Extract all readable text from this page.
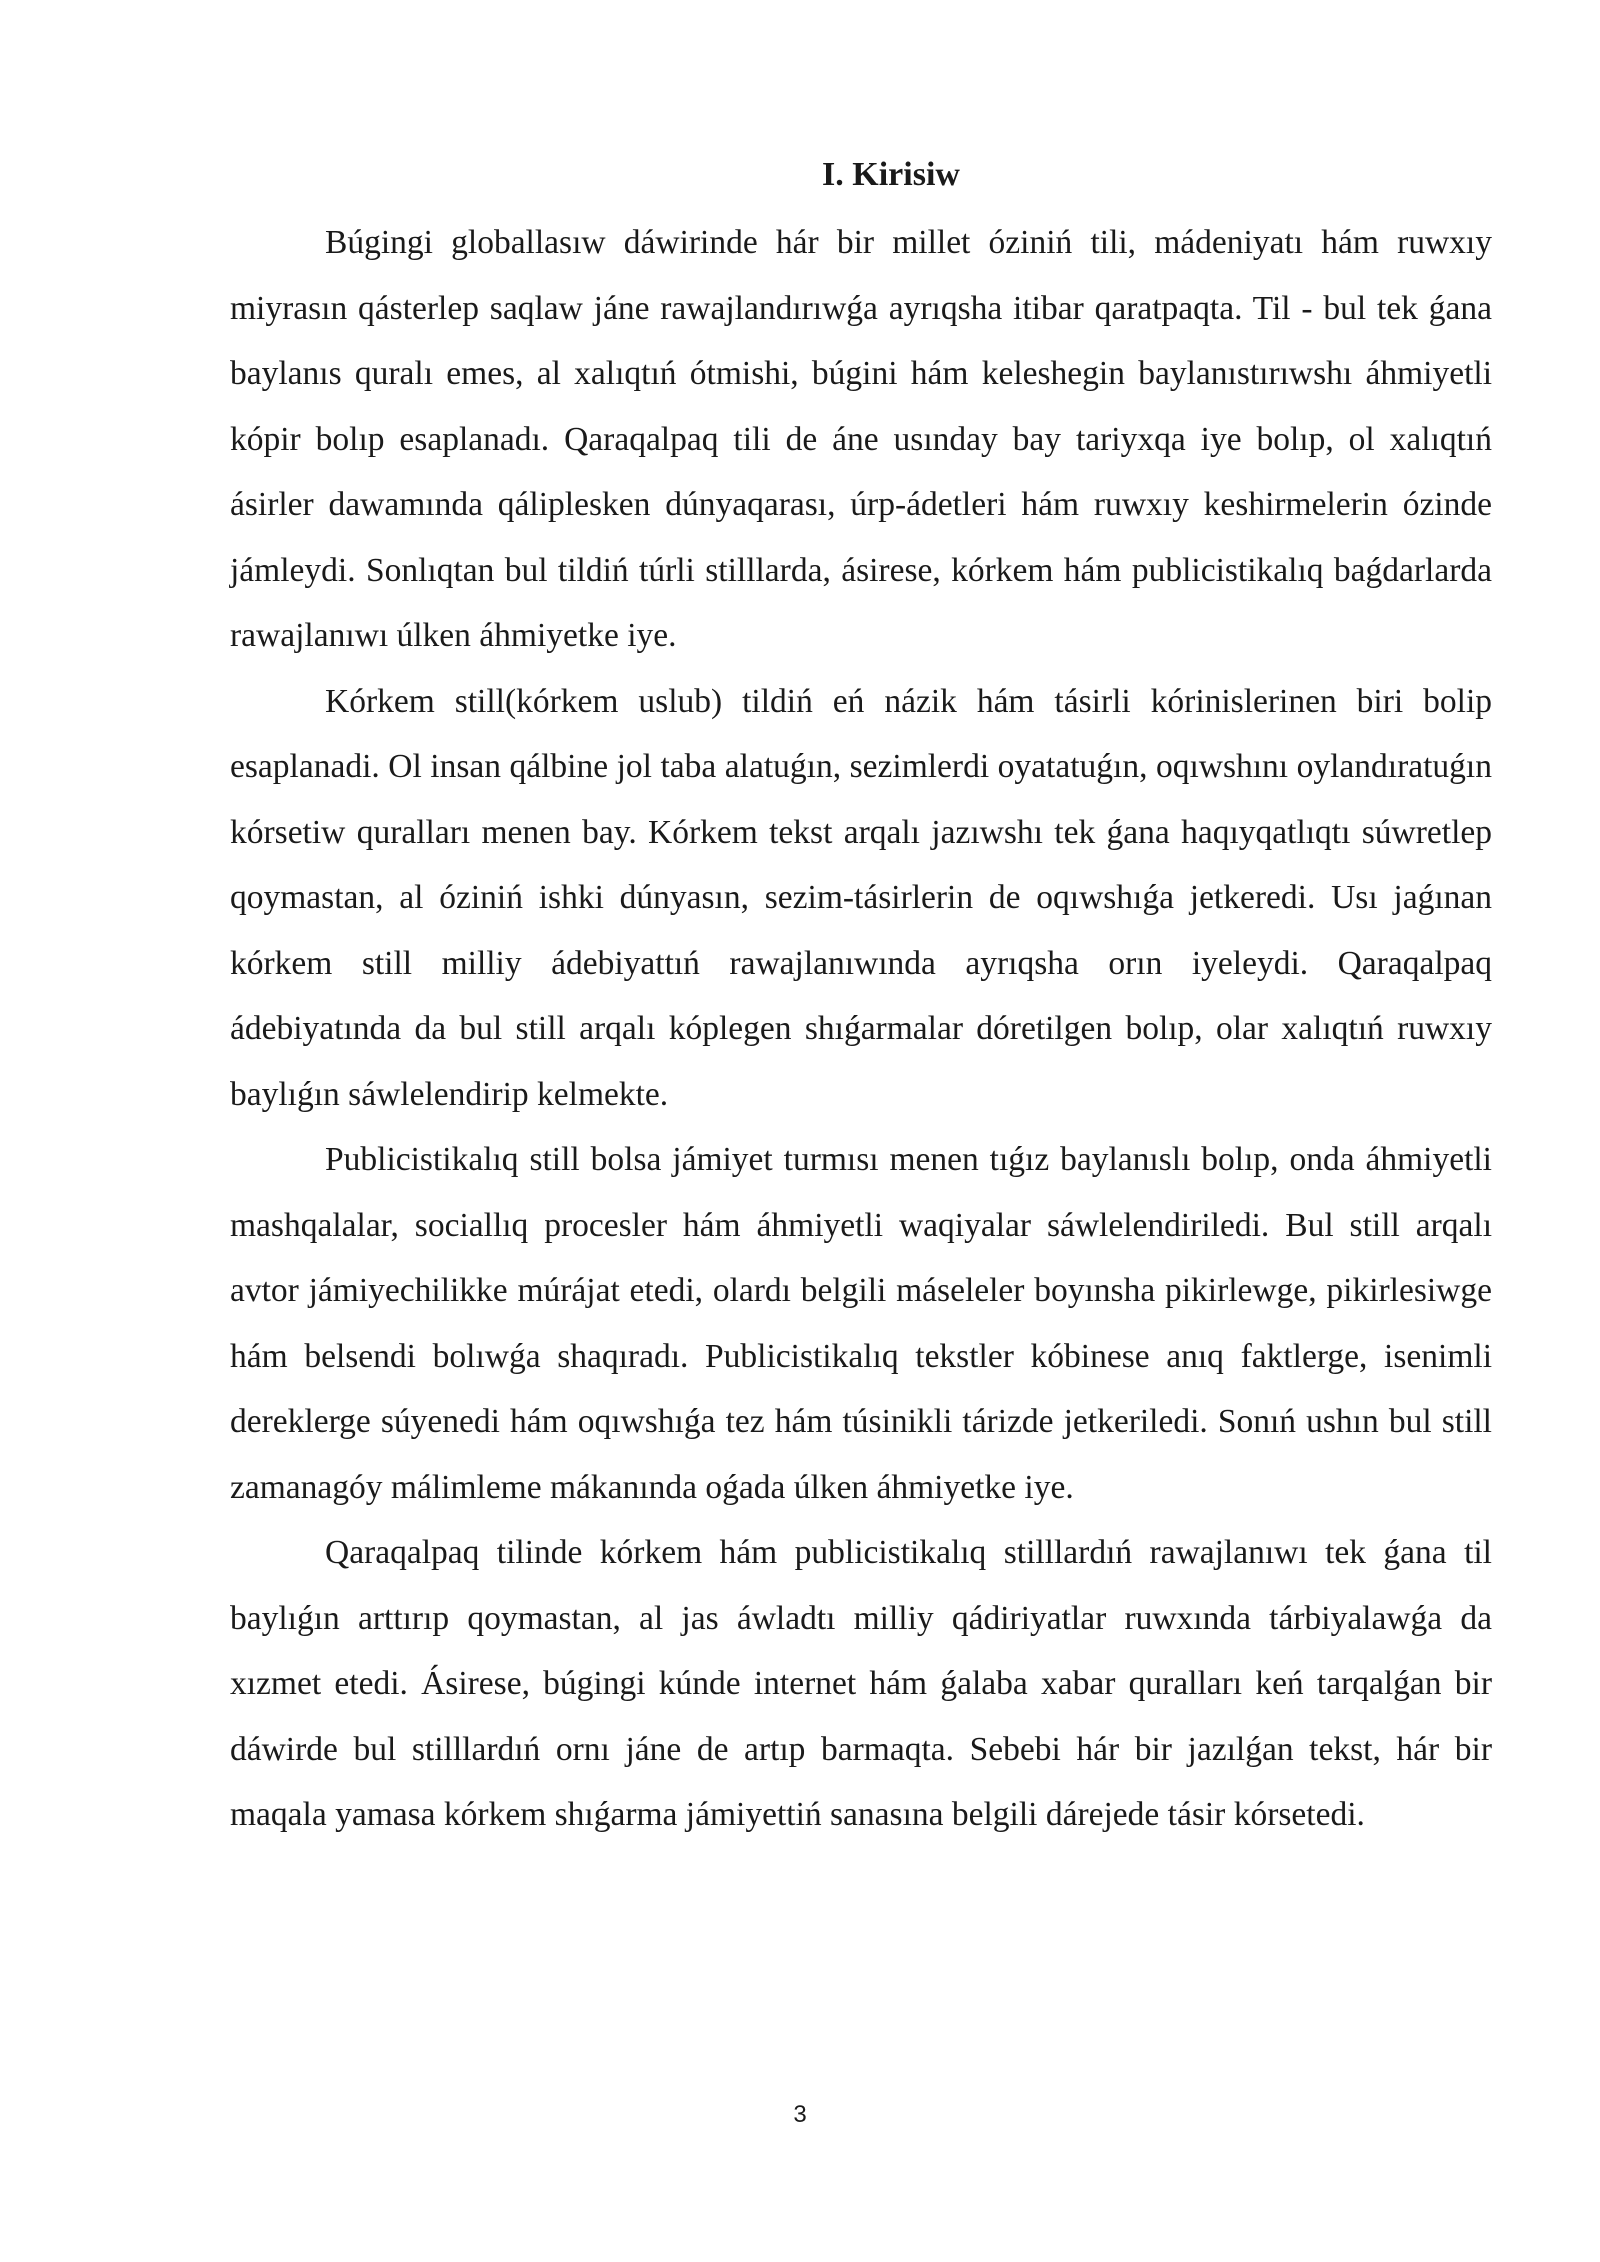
I. Kirisiw

Búgingi globallasıw dáwirinde hár bir millet óziniń tili, mádeniyatı hám ruwxıy miyrasın qásterlep saqlaw jáne rawajlandırıwǵa ayrıqsha itibar qaratpaqta. Til - bul tek ǵana baylanıs quralı emes, al xalıqtıń ótmishi, búgini hám keleshegin baylanıstırıwshı áhmiyetli kópir bolıp esaplanadı. Qaraqalpaq tili de áne usınday bay tariyxqa iye bolıp, ol xalıqtıń ásirler dawamında qáliplesken dúnyaqarası, úrp-ádetleri hám ruwxıy keshirmelerin ózinde jámleydi. Sonlıqtan bul tildiń túrli stilllarda, ásirese, kórkem hám publicistikalıq baǵdarlarda rawajlanıwı úlken áhmiyetke iye.

Kórkem still(kórkem uslub) tildiń eń názik hám tásirli kórinislerinen biri bolip esaplanadi. Ol insan qálbine jol taba alatuǵın, sezimlerdi oyatatuǵın, oqıwshını oylandıratuǵın kórsetiw quralları menen bay. Kórkem tekst arqalı jazıwshı tek ǵana haqıyqatlıqtı súwretlep qoymastan, al óziniń ishki dúnyasın, sezim-tásirlerin de oqıwshıǵa jetkeredi. Usı jaǵınan kórkem still milliy ádebiyattıń rawajlanıwında ayrıqsha orın iyeleydi. Qaraqalpaq ádebiyatında da bul still arqalı kóplegen shıǵarmalar dóretilgen bolıp, olar xalıqtıń ruwxıy baylıǵın sáwlelendirip kelmekte.

Publicistikalıq still bolsa jámiyet turmısı menen tıǵız baylanıslı bolıp, onda áhmiyetli mashqalalar, sociallıq procesler hám áhmiyetli waqiyalar sáwlelendiriledi. Bul still arqalı avtor jámiyechilikke múrájat etedi, olardı belgili máseleler boyınsha pikirlewge, pikirlesiwge hám belsendi bolıwǵa shaqıradı. Publicistikalıq tekstler kóbinese anıq faktlerge, isenimli dereklerge súyenedi hám oqıwshıǵa tez hám túsinikli tárizde jetkeriledi. Sonıń ushın bul still zamanagóy málimleme mákanında oǵada úlken áhmiyetke iye.

Qaraqalpaq tilinde kórkem hám publicistikalıq stilllardıń rawajlanıwı tek ǵana til baylıǵın arttırıp qoymastan, al jas áwladtı milliy qádiriyatlar ruwxında tárbiyalawǵa da xızmet etedi. Ásirese, búgingi kúnde internet hám ǵalaba xabar quralları keń tarqalǵan bir dáwirde bul stilllardıń ornı jáne de artıp barmaqta. Sebebi hár bir jazılǵan tekst, hár bir maqala yamasa kórkem shıǵarma jámiyettiń sanasına belgili dárejede tásir kórsetedi.

3
